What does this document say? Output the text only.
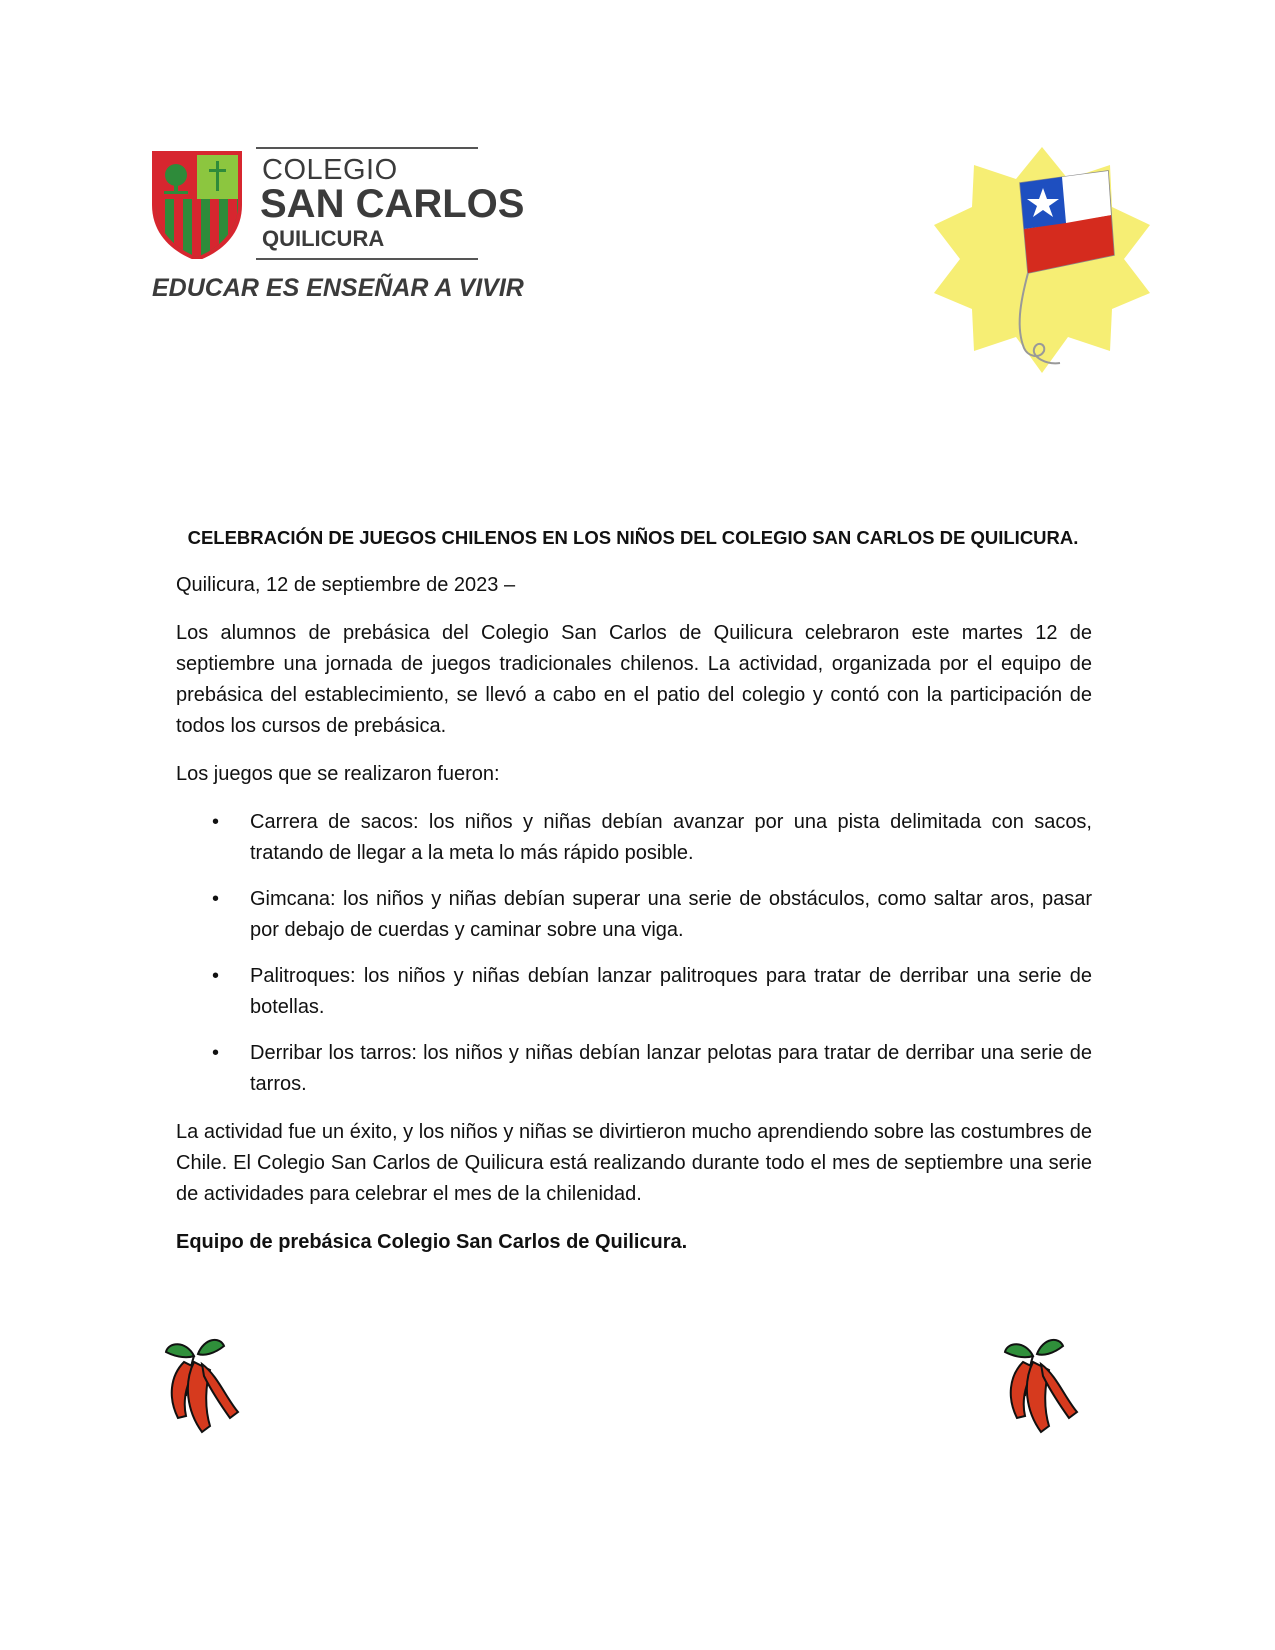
COLEGIO
SAN CARLOS
QUILICURA
EDUCAR ES ENSEÑAR A VIVIR
CELEBRACIÓN DE JUEGOS CHILENOS EN LOS NIÑOS DEL COLEGIO SAN CARLOS DE QUILICURA.

Quilicura, 12 de septiembre de 2023 –

Los alumnos de prebásica del Colegio San Carlos de Quilicura celebraron este martes 12 de septiembre una jornada de juegos tradicionales chilenos. La actividad, organizada por el equipo de prebásica del establecimiento, se llevó a cabo en el patio del colegio y contó con la participación de todos los cursos de prebásica.

Los juegos que se realizaron fueron:

• Carrera de sacos: los niños y niñas debían avanzar por una pista delimitada con sacos, tratando de llegar a la meta lo más rápido posible.
• Gimcana: los niños y niñas debían superar una serie de obstáculos, como saltar aros, pasar por debajo de cuerdas y caminar sobre una viga.
• Palitroques: los niños y niñas debían lanzar palitroques para tratar de derribar una serie de botellas.
• Derribar los tarros: los niños y niñas debían lanzar pelotas para tratar de derribar una serie de tarros.

La actividad fue un éxito, y los niños y niñas se divirtieron mucho aprendiendo sobre las costumbres de Chile. El Colegio San Carlos de Quilicura está realizando durante todo el mes de septiembre una serie de actividades para celebrar el mes de la chilenidad.

Equipo de prebásica Colegio San Carlos de Quilicura.
